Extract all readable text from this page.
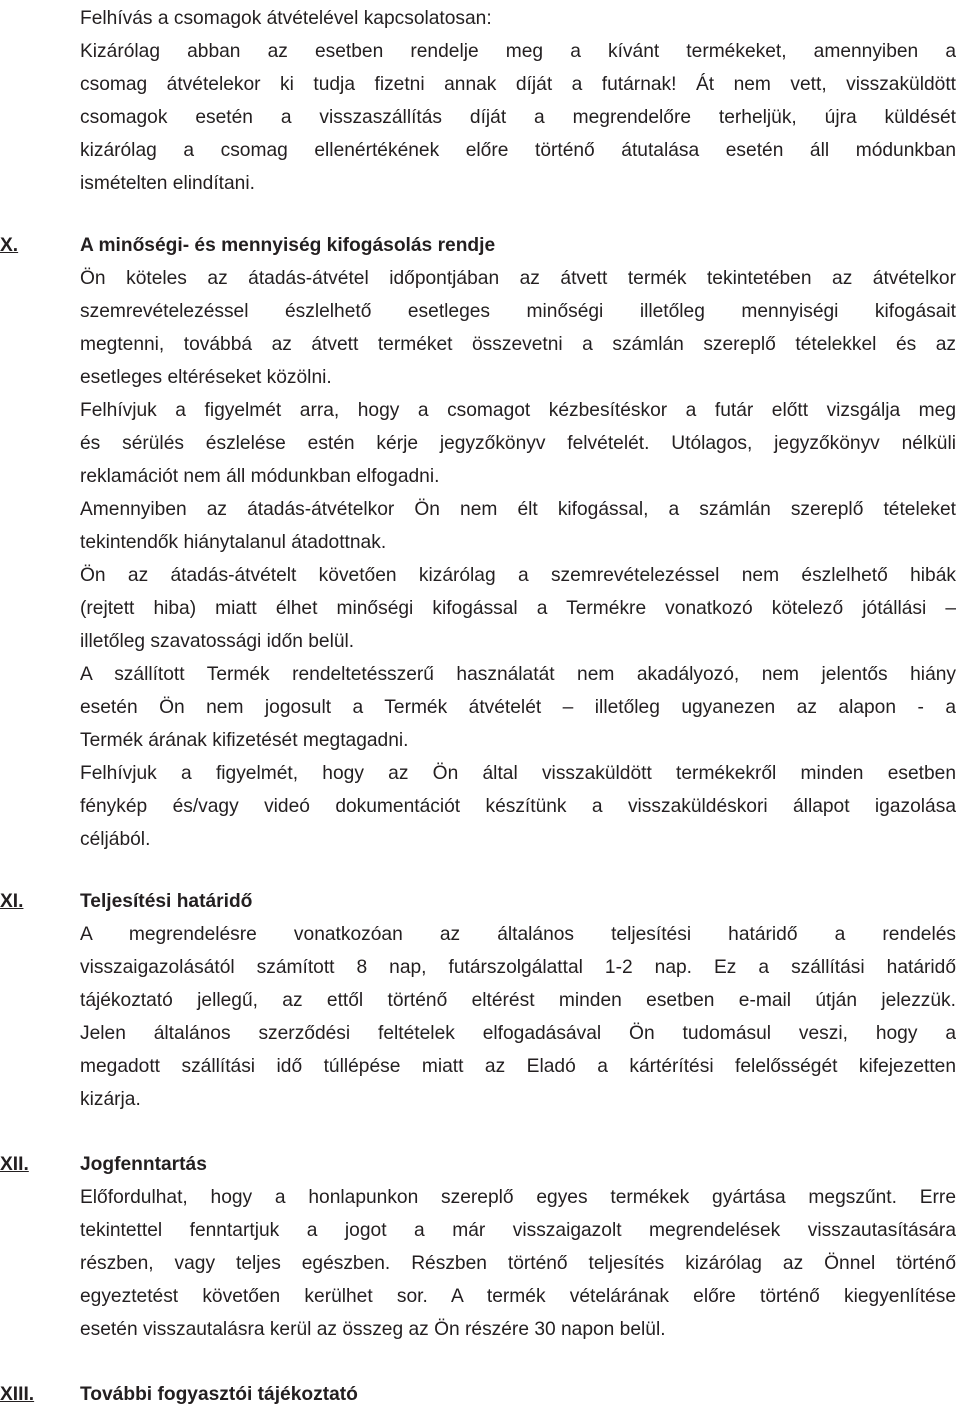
Felhívás a csomagok átvételével kapcsolatosan:
Kizárólag abban az esetben rendelje meg a kívánt termékeket, amennyiben a
csomag átvételekor ki tudja fizetni annak díját a futárnak! Át nem vett, visszaküldött
csomagok esetén a visszaszállítás díját a megrendelőre terheljük, újra küldését
kizárólag a csomag ellenértékének előre történő átutalása esetén áll módunkban
ismételten elindítani.
X.	A minőségi- és mennyiség kifogásolás rendje
Ön köteles az átadás-átvétel időpontjában az átvett termék tekintetében az átvételkor
szemrevételezéssel észlelhető esetleges minőségi illetőleg mennyiségi kifogásait
megtenni, továbbá az átvett terméket összevetni a számlán szereplő tételekkel és az
esetleges eltéréseket közölni.
Felhívjuk a figyelmét arra, hogy a csomagot kézbesítéskor a futár előtt vizsgálja meg
és sérülés észlelése estén kérje jegyzőkönyv felvételét. Utólagos, jegyzőkönyv nélküli
reklamációt nem áll módunkban elfogadni.
Amennyiben az átadás-átvételkor Ön nem élt kifogással, a számlán szereplő tételeket
tekintendők hiánytalanul átadottnak.
Ön az átadás-átvételt követően kizárólag a szemrevételezéssel nem észlelhető hibák
(rejtett hiba) miatt élhet minőségi kifogással a Termékre vonatkozó kötelező jótállási –
illetőleg szavatossági időn belül.
A szállított Termék rendeltetésszerű használatát nem akadályozó, nem jelentős hiány
esetén Ön nem jogosult a Termék átvételét – illetőleg ugyanezen az alapon - a
Termék árának kifizetését megtagadni.
Felhívjuk a figyelmét, hogy az Ön által visszaküldött termékekről minden esetben
fénykép és/vagy videó dokumentációt készítünk a visszaküldéskori állapot igazolása
céljából.
XI.	Teljesítési határidő
A megrendelésre vonatkozóan az általános teljesítési határidő a rendelés
visszaigazolásától számított 8 nap, futárszolgálattal 1-2 nap. Ez a szállítási határidő
tájékoztató jellegű, az ettől történő eltérést minden esetben e-mail útján jelezzük.
Jelen általános szerződési feltételek elfogadásával Ön tudomásul veszi, hogy a
megadott szállítási idő túllépése miatt az Eladó a kártérítési felelősségét kifejezetten
kizárja.
XII.	Jogfenntartás
Előfordulhat, hogy a honlapunkon szereplő egyes termékek gyártása megszűnt. Erre
tekintettel fenntartjuk a jogot a már visszaigazolt megrendelések visszautasítására
részben, vagy teljes egészben. Részben történő teljesítés kizárólag az Önnel történő
egyeztetést követően kerülhet sor. A termék vételárának előre történő kiegyenlítése
esetén visszautalásra kerül az összeg az Ön részére 30 napon belül.
XIII. További fogyasztói tájékoztató
